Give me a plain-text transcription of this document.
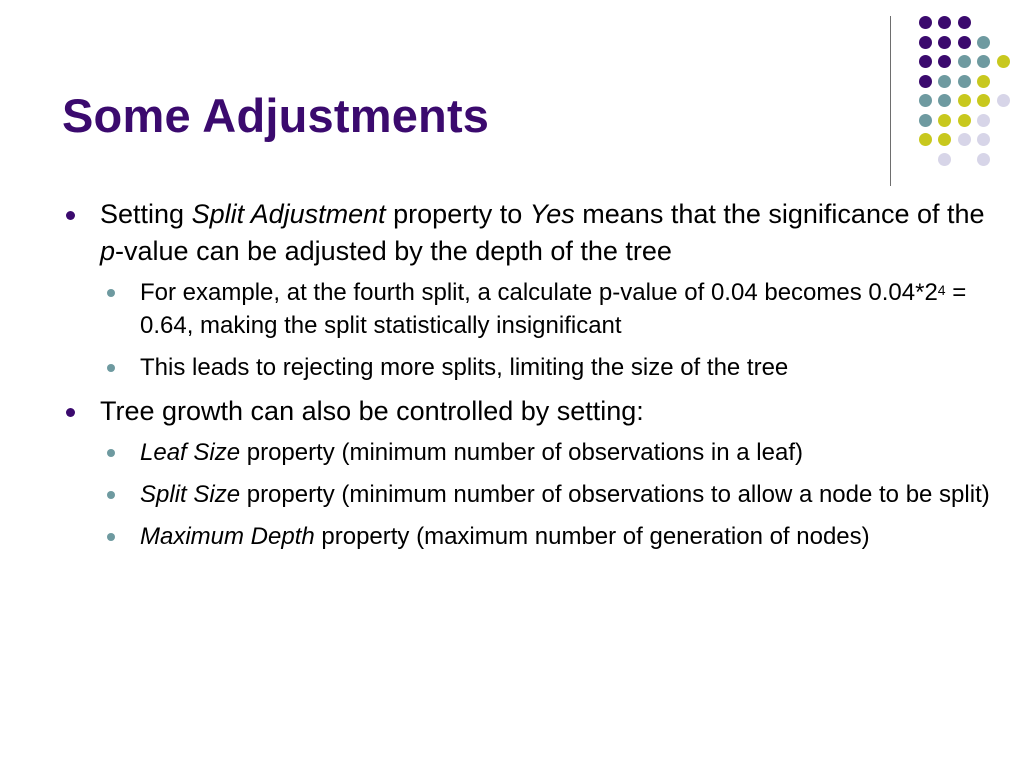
Some Adjustments
Setting Split Adjustment property to Yes means that the significance of the p-value can be adjusted by the depth of the tree
For example, at the fourth split, a calculate p-value of 0.04 becomes $0.04*2^4 = 0.64$, making the split statistically insignificant
This leads to rejecting more splits, limiting the size of the tree
Tree growth can also be controlled by setting:
Leaf Size property (minimum number of observations in a leaf)
Split Size property (minimum number of observations to allow a node to be split)
Maximum Depth property (maximum number of generation of nodes)
